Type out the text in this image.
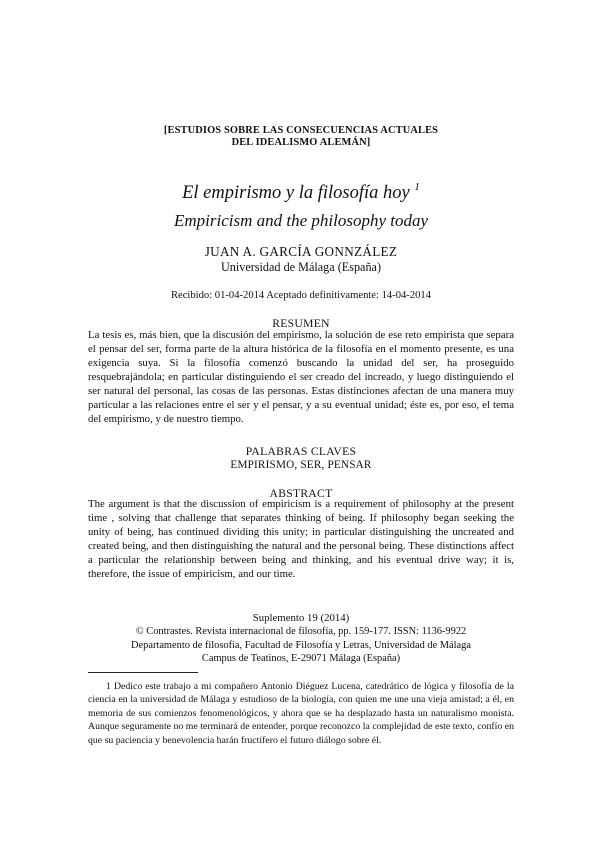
[ESTUDIOS SOBRE LAS CONSECUENCIAS ACTUALES
DEL IDEALISMO ALEMÁN]
El empirismo y la filosofía hoy $^1$
Empiricism and the philosophy today
JUAN A. GARCÍA GONNZÁLEZ
Universidad de Málaga (España)
Recibido: 01-04-2014 Aceptado definitivamente: 14-04-2014
RESUMEN
La tesis es, más bien, que la discusión del empirismo, la solución de ese reto empirista que separa el pensar del ser, forma parte de la altura histórica de la filosofía en el momento presente, es una exigencia suya. Si la filosofía comenzó buscando la unidad del ser, ha proseguido resquebrajándola; en particular distinguiendo el ser creado del increado, y luego distinguiendo el ser natural del personal, las cosas de las personas. Estas distinciones afectan de una manera muy particular a las relaciones entre el ser y el pensar, y a su eventual unidad; éste es, por eso, el tema del empirismo, y de nuestro tiempo.
PALABRAS CLAVES
EMPIRISMO, SER, PENSAR
ABSTRACT
The argument is that the discussion of empiricism is a requirement of philosophy at the present time , solving that challenge that separates thinking of being. If philosophy began seeking the unity of being, has continued dividing this unity; in particular distinguishing the uncreated and created being, and then distinguishing the natural and the personal being. These distinctions affect a particular the relationship between being and thinking, and his eventual drive way; it is, therefore, the issue of empiricism, and our time.
Suplemento 19 (2014)
© Contrastes. Revista internacional de filosofía, pp. 159-177. ISSN: 1136-9922
Departamento de filosofía, Facultad de Filosofía y Letras, Universidad de Málaga
Campus de Teatinos, E-29071 Málaga (España)
1 Dedico este trabajo a mi compañero Antonio Diéguez Lucena, catedrático de lógica y filosofía de la ciencia en la universidad de Málaga y estudioso de la biología, con quien me une una vieja amistad; a él, en memoria de sus comienzos fenomenológicos, y ahora que se ha desplazado hasta un naturalismo monista. Aunque seguramente no me terminará de entender, porque reconozco la complejidad de este texto, confío en que su paciencia y benevolencia harán fructífero el futuro diálogo sobre él.
